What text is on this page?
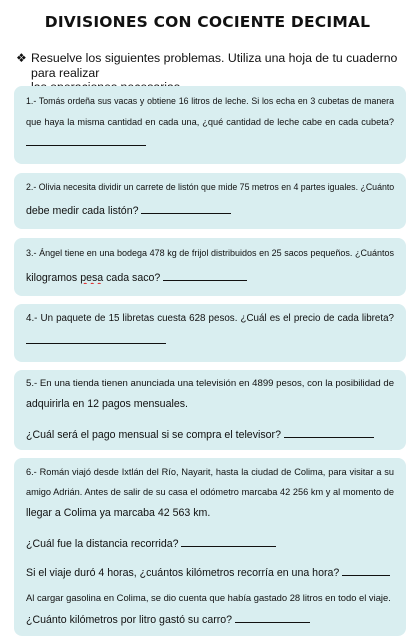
DIVISIONES CON COCIENTE DECIMAL
❖ Resuelve los siguientes problemas. Utiliza una hoja de tu cuaderno para realizar
1.- Tomás ordeña sus vacas y obtiene 16 litros de leche. Si los echa en 3 cubetas de manera
que haya la misma cantidad en cada una, ¿qué cantidad de leche cabe en cada cubeta?
2.- Olivia necesita dividir un carrete de listón que mide 75 metros en 4 partes iguales. ¿Cuánto
debe medir cada listón?
3.- Ángel tiene en una bodega 478 kg de frijol distribuidos en 25 sacos pequeños. ¿Cuántos
kilogramos pesa cada saco?
4.- Un paquete de 15 libretas cuesta 628 pesos. ¿Cuál es el precio de cada libreta?
5.- En una tienda tienen anunciada una televisión en 4899 pesos, con la posibilidad de
adquirirla en 12 pagos mensuales.
¿Cuál será el pago mensual si se compra el televisor?
6.- Román viajó desde Ixtlán del Río, Nayarit, hasta la ciudad de Colima, para visitar a su
amigo Adrián. Antes de salir de su casa el odómetro marcaba 42 256 km y al momento de
llegar a Colima ya marcaba 42 563 km.
¿Cuál fue la distancia recorrida?
Si el viaje duró 4 horas, ¿cuántos kilómetros recorría en una hora?
Al cargar gasolina en Colima, se dio cuenta que había gastado 28 litros en todo el viaje.
¿Cuánto kilómetros por litro gastó su carro?
